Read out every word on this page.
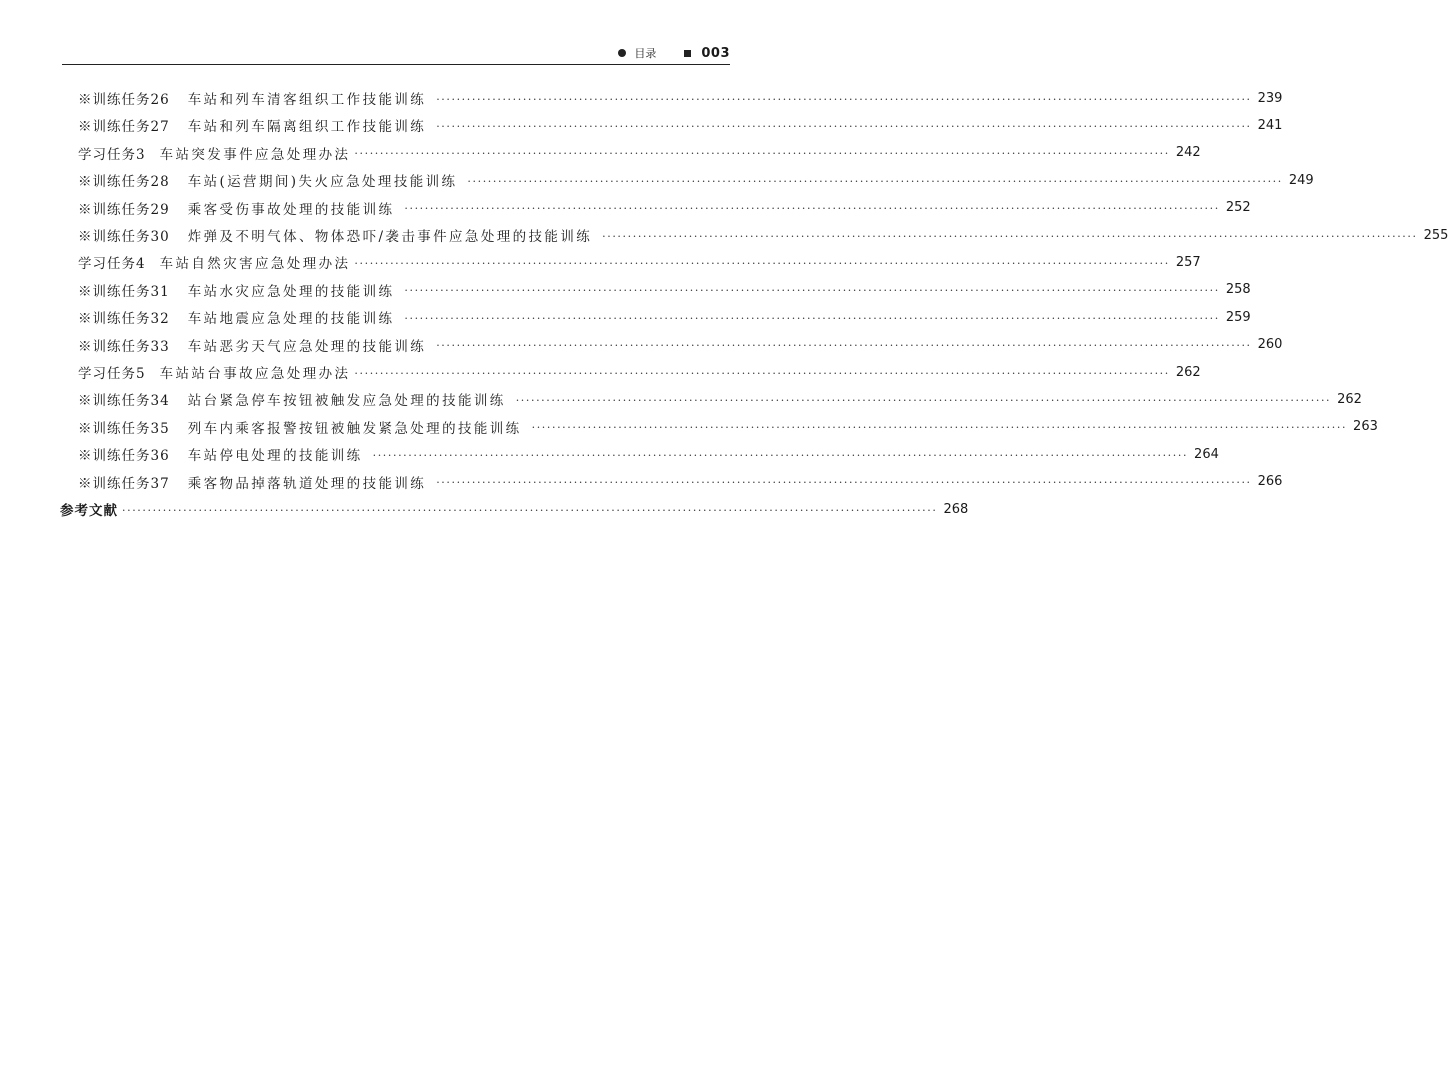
目录	003
※训练任务26 车站和列车清客组织工作技能训练 ································································································································································ 239
※训练任务27 车站和列车隔离组织工作技能训练 ································································································································································ 241
学习任务3 车站突发事件应急处理办法 ································································································································································ 242
※训练任务28 车站(运营期间)失火应急处理技能训练 ································································································································································ 249
※训练任务29 乘客受伤事故处理的技能训练 ································································································································································ 252
※训练任务30 炸弹及不明气体、物体恐吓/袭击事件应急处理的技能训练 ································································································································································ 255
学习任务4 车站自然灾害应急处理办法 ································································································································································ 257
※训练任务31 车站水灾应急处理的技能训练 ································································································································································ 258
※训练任务32 车站地震应急处理的技能训练 ································································································································································ 259
※训练任务33 车站恶劣天气应急处理的技能训练 ································································································································································ 260
学习任务5 车站站台事故应急处理办法 ································································································································································ 262
※训练任务34 站台紧急停车按钮被触发应急处理的技能训练 ································································································································································ 262
※训练任务35 列车内乘客报警按钮被触发紧急处理的技能训练 ································································································································································ 263
※训练任务36 车站停电处理的技能训练 ································································································································································ 264
※训练任务37 乘客物品掉落轨道处理的技能训练 ································································································································································ 266
参考文献 ································································································································································ 268
